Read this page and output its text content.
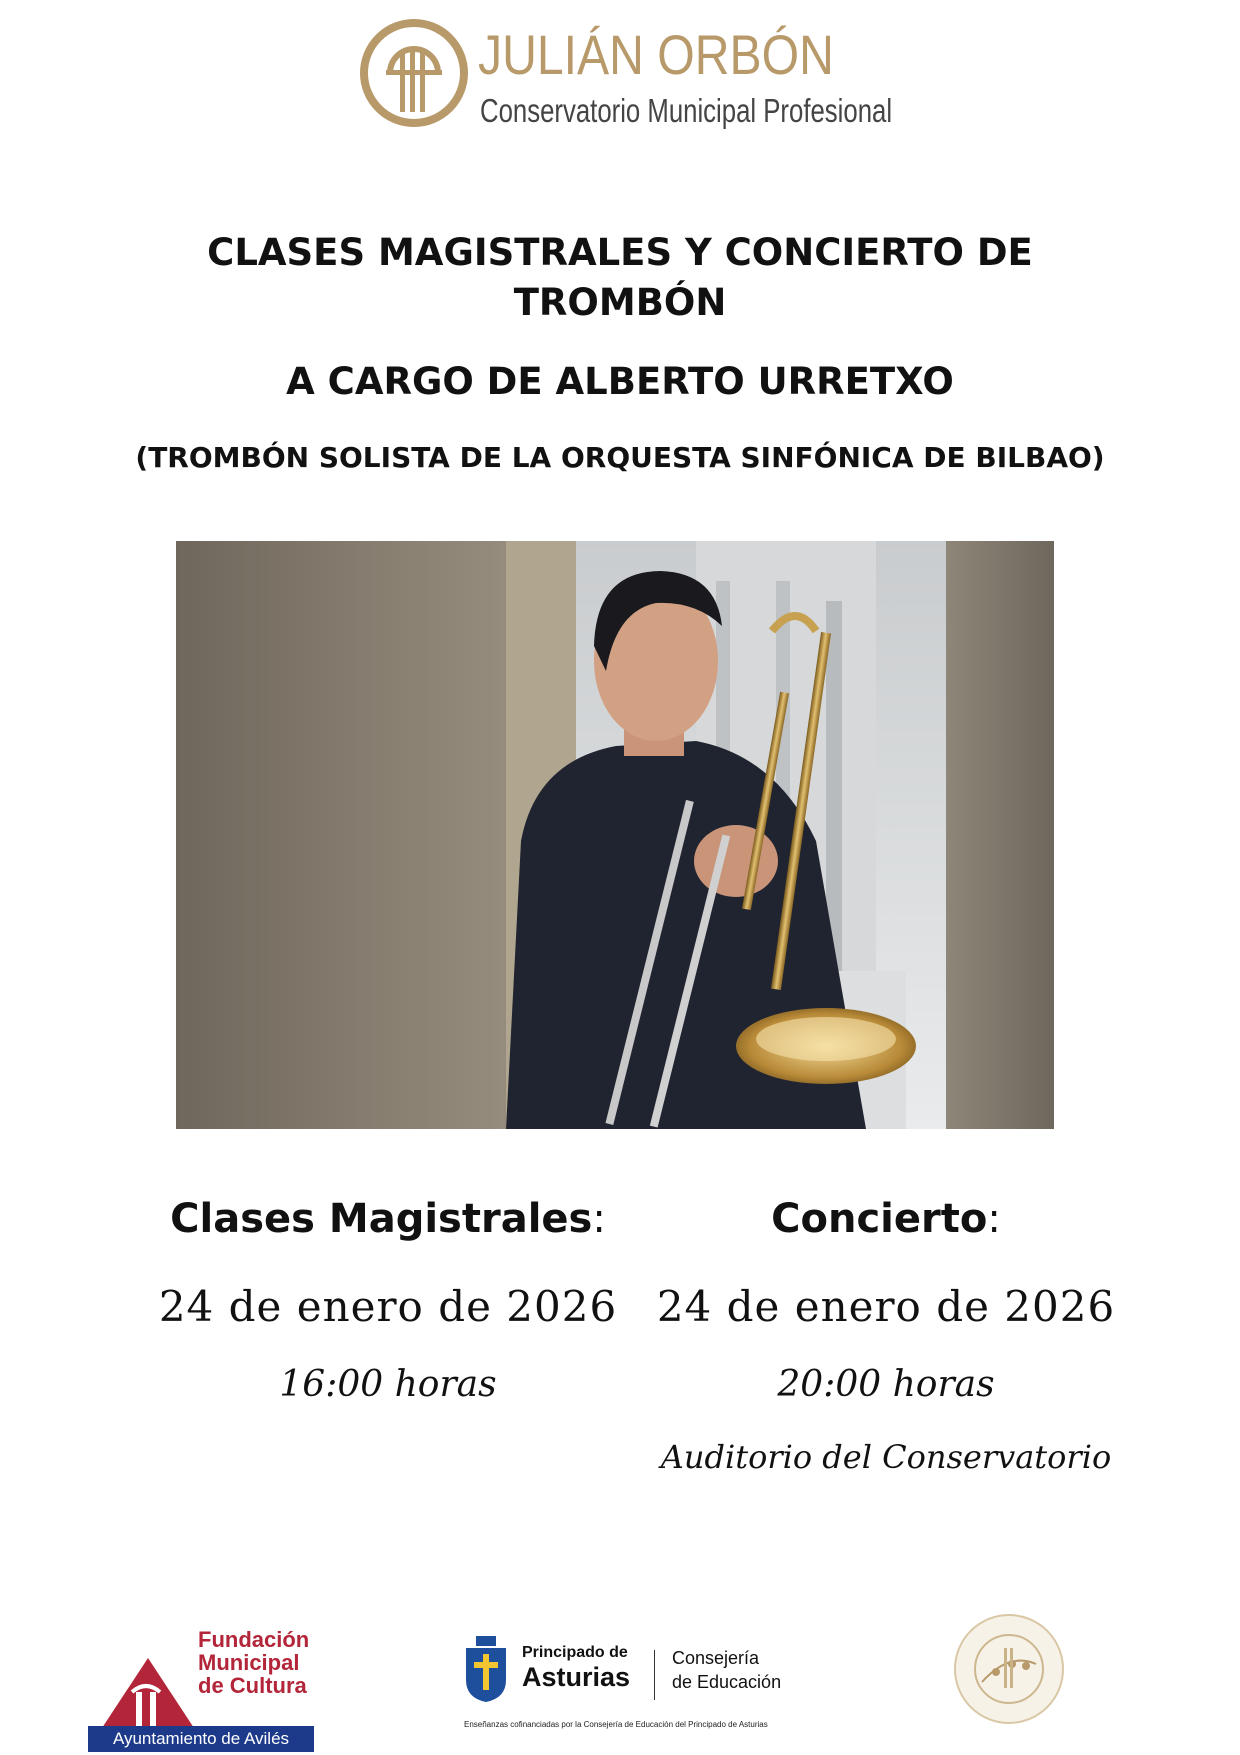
JULIÁN ORBÓN
Conservatorio Municipal Profesional
CLASES MAGISTRALES Y CONCIERTO DE
TROMBÓN
A CARGO DE ALBERTO URRETXO
(TROMBÓN SOLISTA DE LA ORQUESTA SINFÓNICA DE BILBAO)
Clases Magistrales:
24 de enero de 2026
16:00 horas
Concierto:
24 de enero de 2026
20:00 horas
Auditorio del Conservatorio
Fundación
Municipal
de Cultura
Ayuntamiento de Avilés
Principado de
Asturias
Consejería
de Educación
Enseñanzas cofinanciadas por la Consejería de Educación del Principado de Asturias
